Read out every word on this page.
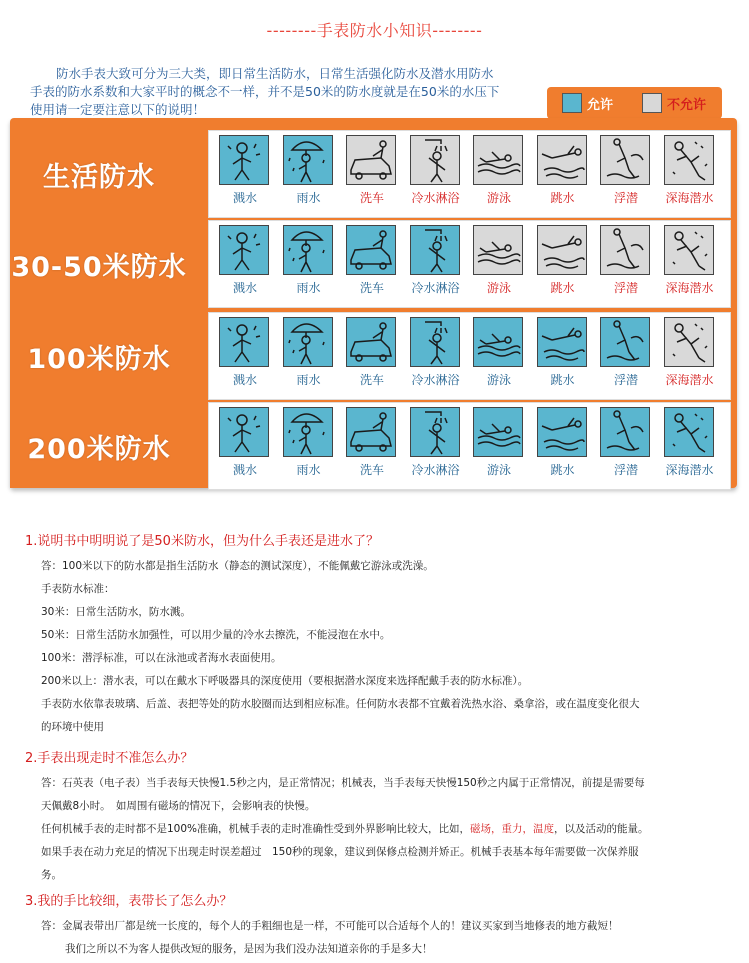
--------手表防水小知识--------
防水手表大致可分为三大类，即日常生活防水，日常生活强化防水及潜水用防水
手表的防水系数和大家平时的概念不一样，并不是50米的防水度就是在50米的水压下
使用请一定要注意以下的说明！	允许	不允许
生活防水
溅水	雨水	洗车	冷水淋浴	游泳	跳水	浮潜	深海潜水
30-50米防水
溅水	雨水	洗车	冷水淋浴	游泳	跳水	浮潜	深海潜水
100米防水
溅水	雨水	洗车	冷水淋浴	游泳	跳水	浮潜	深海潜水
200米防水
溅水	雨水	洗车	冷水淋浴	游泳	跳水	浮潜	深海潜水
1.说明书中明明说了是50米防水，但为什么手表还是进水了？
答：100米以下的防水都是指生活防水（静态的测试深度），不能佩戴它游泳或洗澡。
手表防水标准：
30米：日常生活防水，防水溅。
50米：日常生活防水加强性，可以用少量的冷水去擦洗，不能浸泡在水中。
100米：潜浮标准，可以在泳池或者海水表面使用。
200米以上：潜水表，可以在戴水下呼吸器具的深度使用（要根据潜水深度来选择配戴手表的防水标准）。
手表防水依靠表玻璃、后盖、表把等处的防水胶圈而达到相应标准。任何防水表都不宜戴着洗热水浴、桑拿浴，或在温度变化很大
的环境中使用
2.手表出现走时不准怎么办？
答：石英表（电子表）当手表每天快慢1.5秒之内，是正常情况；机械表，当手表每天快慢150秒之内属于正常情况，前提是需要每
天佩戴8小时。　如周围有磁场的情况下，会影响表的快慢。
任何机械手表的走时都不是100%准确，机械手表的走时准确性受到外界影响比较大，比如，磁场，重力，温度，以及活动的能量。
如果手表在动力充足的情况下出现走时误差超过　150秒的现象，建议到保修点检测并矫正。机械手表基本每年需要做一次保养服
务。
3.我的手比较细，表带长了怎么办？
答：金属表带出厂都是统一长度的，每个人的手粗细也是一样，不可能可以合适每个人的！建议买家到当地修表的地方截短！
我们之所以不为客人提供改短的服务，是因为我们没办法知道亲你的手是多大！
